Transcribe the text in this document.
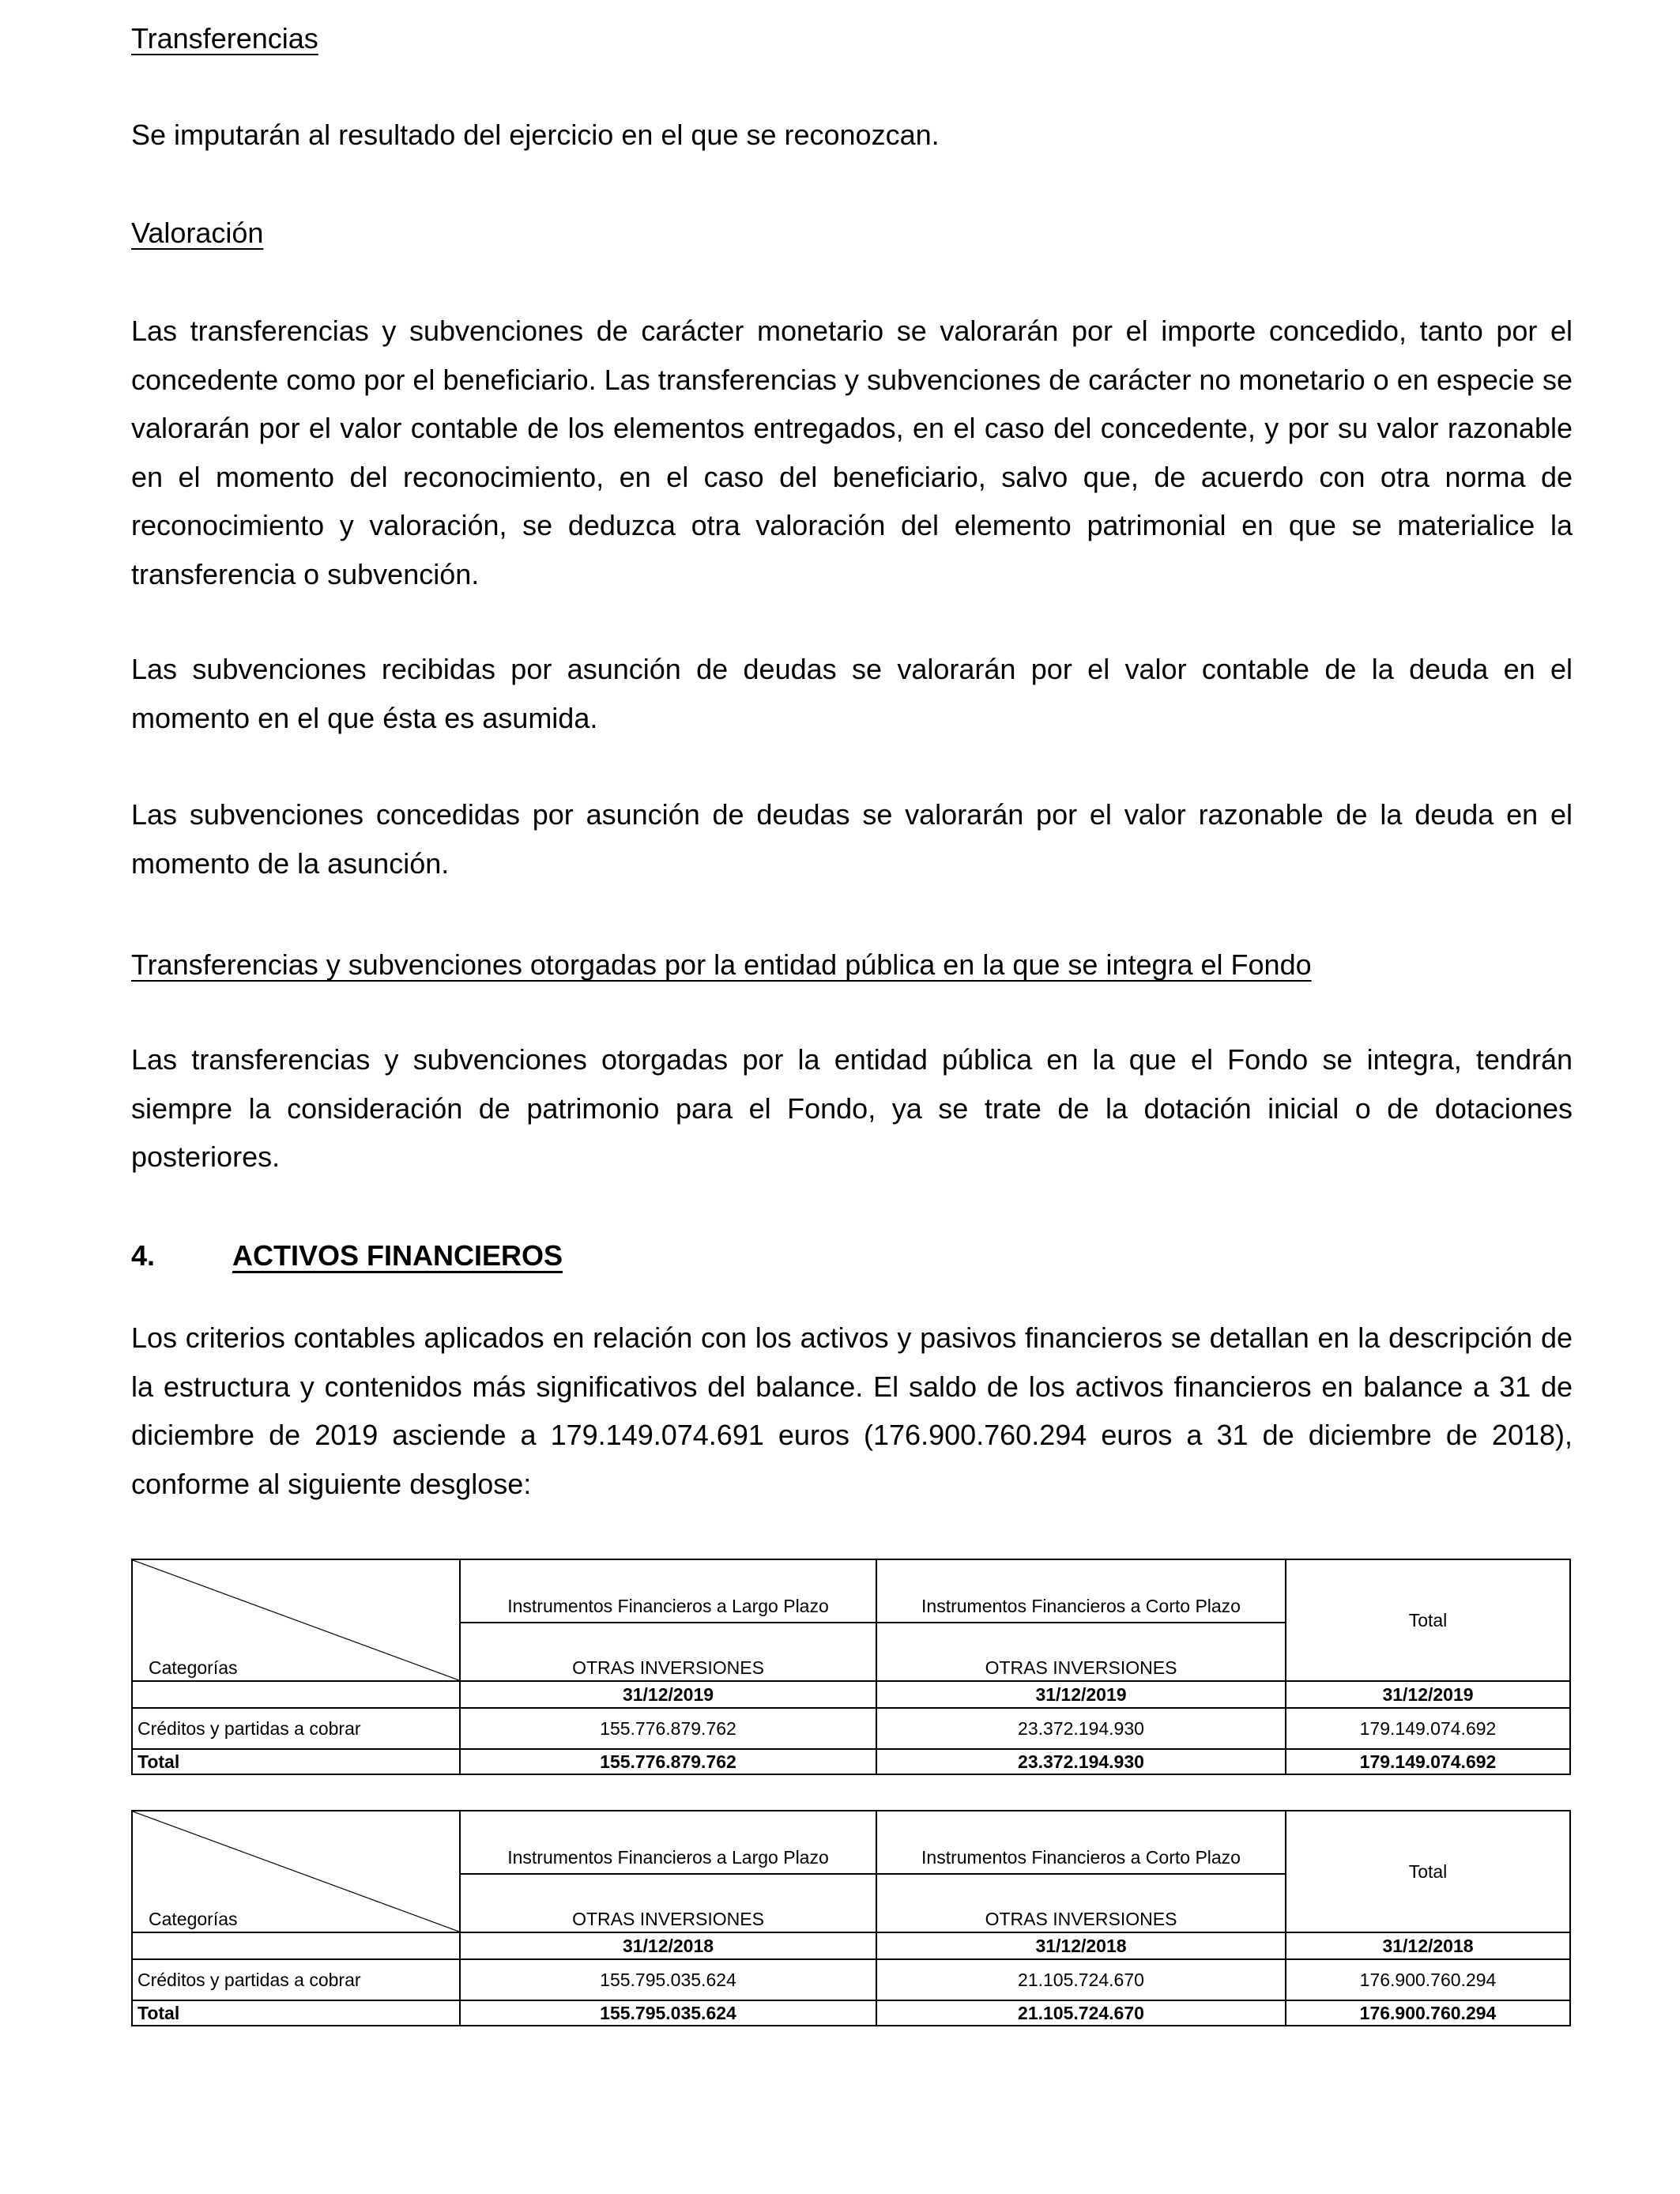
Transferencias
Se imputarán al resultado del ejercicio en el que se reconozcan.
Valoración
Las transferencias y subvenciones de carácter monetario se valorarán por el importe concedido, tanto por el concedente como por el beneficiario. Las transferencias y subvenciones de carácter no monetario o en especie se valorarán por el valor contable de los elementos entregados, en el caso del concedente, y por su valor razonable en el momento del reconocimiento, en el caso del beneficiario, salvo que, de acuerdo con otra norma de reconocimiento y valoración, se deduzca otra valoración del elemento patrimonial en que se materialice la transferencia o subvención.
Las subvenciones recibidas por asunción de deudas se valorarán por el valor contable de la deuda en el momento en el que ésta es asumida.
Las subvenciones concedidas por asunción de deudas se valorarán por el valor razonable de la deuda en el momento de la asunción.
Transferencias y subvenciones otorgadas por la entidad pública en la que se integra el Fondo
Las transferencias y subvenciones otorgadas por la entidad pública en la que el Fondo se integra, tendrán siempre la consideración de patrimonio para el Fondo, ya se trate de la dotación inicial o de dotaciones posteriores.
4.	ACTIVOS FINANCIEROS
Los criterios contables aplicados en relación con los activos y pasivos financieros se detallan en la descripción de la estructura y contenidos más significativos del balance. El saldo de los activos financieros en balance a 31 de diciembre de 2019 asciende a 179.149.074.691 euros (176.900.760.294 euros a 31 de diciembre de 2018), conforme al siguiente desglose:
Categorías	Instrumentos Financieros a Largo Plazo	Instrumentos Financieros a Corto Plazo	Total
	OTRAS INVERSIONES	OTRAS INVERSIONES	
	31/12/2019	31/12/2019	31/12/2019
Créditos y partidas a cobrar	155.776.879.762	23.372.194.930	179.149.074.692
Total	155.776.879.762	23.372.194.930	179.149.074.692
Categorías	Instrumentos Financieros a Largo Plazo	Instrumentos Financieros a Corto Plazo	Total
	OTRAS INVERSIONES	OTRAS INVERSIONES	
	31/12/2018	31/12/2018	31/12/2018
Créditos y partidas a cobrar	155.795.035.624	21.105.724.670	176.900.760.294
Total	155.795.035.624	21.105.724.670	176.900.760.294
